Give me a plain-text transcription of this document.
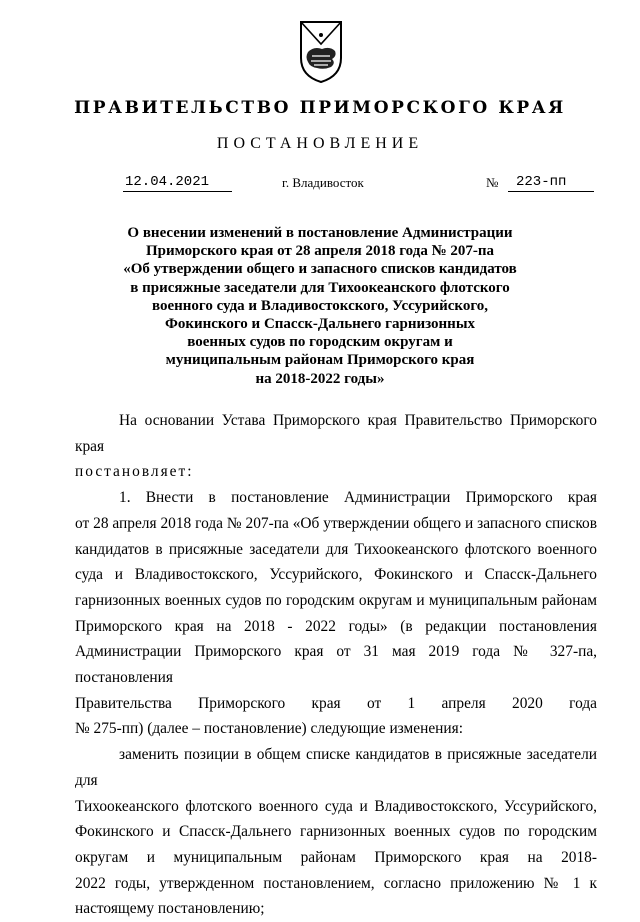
ПРАВИТЕЛЬСТВО ПРИМОРСКОГО КРАЯ
ПОСТАНОВЛЕНИЕ
12.04.2021	г. Владивосток	№	223-пп
О внесении изменений в постановление Администрации
Приморского края от 28 апреля 2018 года № 207-па
«Об утверждении общего и запасного списков кандидатов
в присяжные заседатели для Тихоокеанского флотского
военного суда и Владивостокского, Уссурийского,
Фокинского и Спасск-Дальнего гарнизонных
военных судов по городским округам и
муниципальным районам Приморского края
на 2018-2022 годы»
На основании Устава Приморского края Правительство Приморского края
постановляет:
1. Внести в постановление Администрации Приморского края
от 28 апреля 2018 года № 207-па «Об утверждении общего и запасного списков
кандидатов в присяжные заседатели для Тихоокеанского флотского военного
суда и Владивостокского, Уссурийского, Фокинского и Спасск-Дальнего
гарнизонных военных судов по городским округам и муниципальным районам
Приморского края на 2018 - 2022 годы» (в редакции постановления
Администрации Приморского края от 31 мая 2019 года № 327-па, постановления
Правительства Приморского края от 1 апреля 2020 года
№ 275-пп) (далее – постановление) следующие изменения:
заменить позиции в общем списке кандидатов в присяжные заседатели для
Тихоокеанского флотского военного суда и Владивостокского, Уссурийского,
Фокинского и Спасск-Дальнего гарнизонных военных судов по городским
округам и муниципальным районам Приморского края на 2018-
2022 годы, утвержденном постановлением, согласно приложению № 1 к
настоящему постановлению;
